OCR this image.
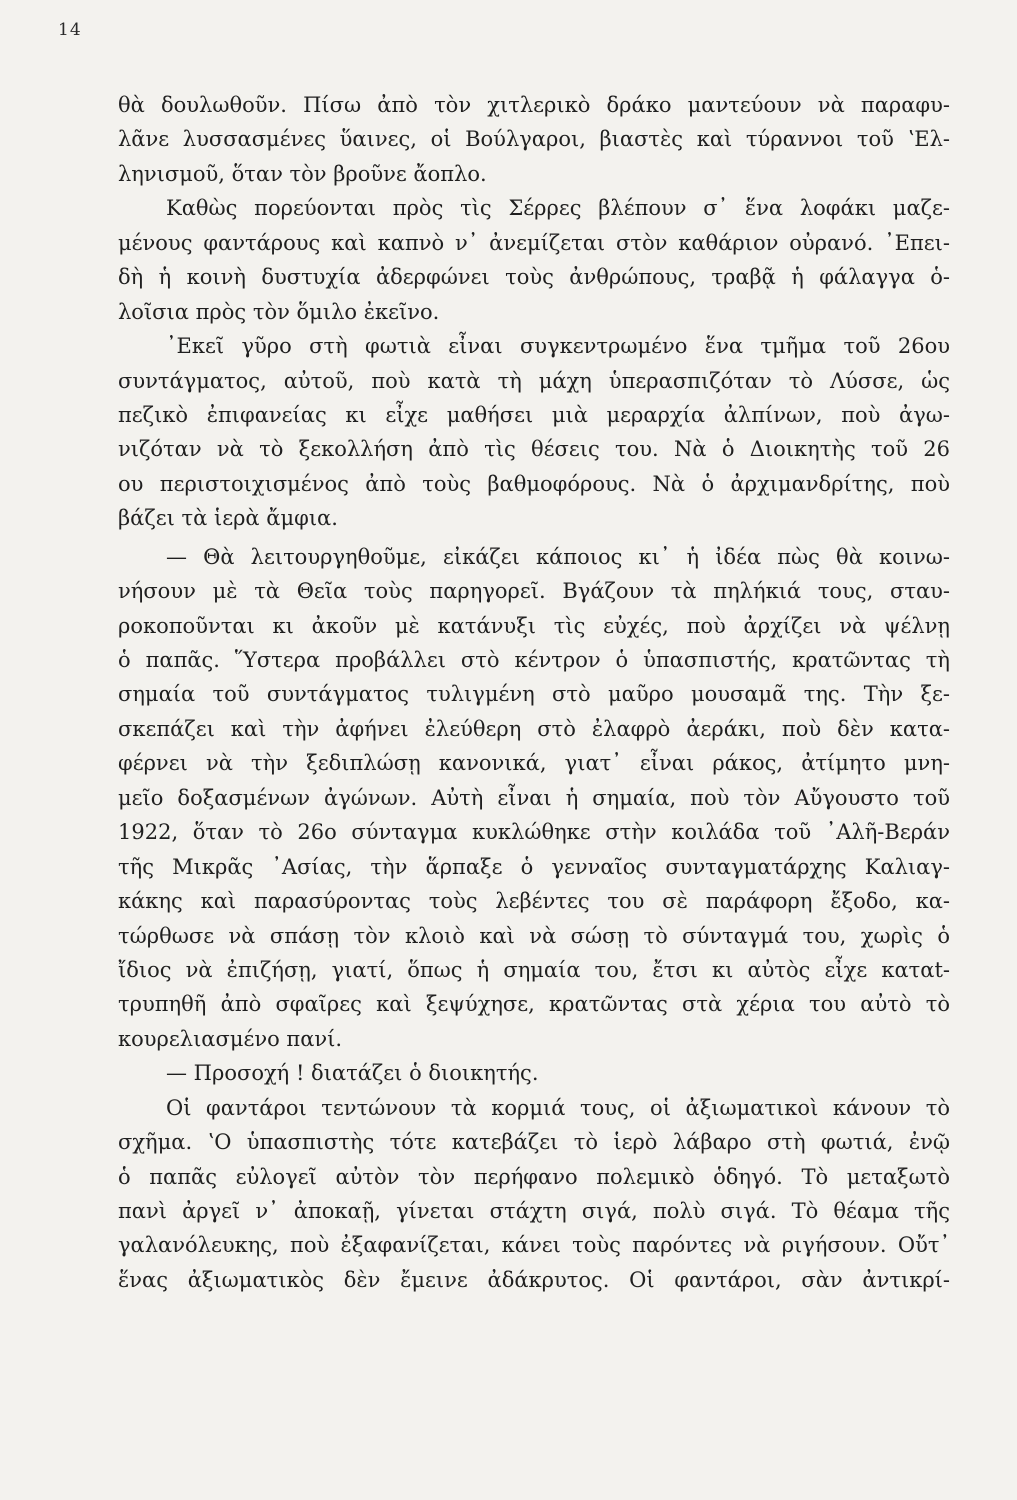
14
θὰ δουλωθοῦν. Πίσω ἀπὸ τὸν χιτλερικὸ δράκο μαντεύουν νὰ παραφυ-
λᾶνε λυσσασμένες ὕαινες, οἱ Βούλγαροι, βιαστὲς καὶ τύραννοι τοῦ ʽΕλ-
ληνισμοῦ, ὅταν τὸν βροῦνε ἄοπλο.
Καθὼς πορεύονται πρὸς τὶς Σέρρες βλέπουν σ᾽ ἕνα λοφάκι μαζε-
μένους φαντάρους καὶ καπνὸ ν᾽ ἀνεμίζεται στὸν καθάριον οὐρανό. ᾽Επει-
δὴ ἡ κοινὴ δυστυχία ἀδερφώνει τοὺς ἀνθρώπους, τραβᾷ ἡ φάλαγγα ὁ-
λοῖσια πρὸς τὸν ὅμιλο ἐκεῖνο.
᾽Εκεῖ γῦρο στὴ φωτιὰ εἶναι συγκεντρωμένο ἕνα τμῆμα τοῦ 26ου
συντάγματος, αὐτοῦ, ποὺ κατὰ τὴ μάχη ὑπερασπιζόταν τὸ Λύσσε, ὡς
πεζικὸ ἐπιφανείας κι εἶχε μαθήσει μιὰ μεραρχία ἀλπίνων, ποὺ ἀγω-
νιζόταν νὰ τὸ ξεκολλήση ἀπὸ τὶς θέσεις του. Νὰ ὁ Διοικητὴς τοῦ 26
ου περιστοιχισμένος ἀπὸ τοὺς βαθμοφόρους. Νὰ ὁ ἀρχιμανδρίτης, ποὺ
βάζει τὰ ἱερὰ ἄμφια.
— Θὰ λειτουργηθοῦμε, εἰκάζει κάποιος κι᾽ ἡ ἰδέα πὼς θὰ κοινω-
νήσουν μὲ τὰ Θεῖα τοὺς παρηγορεῖ. Βγάζουν τὰ πηλήκιά τους, σταυ-
ροκοποῦνται κι ἀκοῦν μὲ κατάνυξι τὶς εὐχές, ποὺ ἀρχίζει νὰ ψέλνῃ
ὁ παπᾶς. Ὕστερα προβάλλει στὸ κέντρον ὁ ὑπασπιστής, κρατῶντας τὴ
σημαία τοῦ συντάγματος τυλιγμένη στὸ μαῦρο μουσαμᾶ της. Τὴν ξε-
σκεπάζει καὶ τὴν ἀφήνει ἐλεύθερη στὸ ἐλαφρὸ ἀεράκι, ποὺ δὲν κατα-
φέρνει νὰ τὴν ξεδιπλώσῃ κανονικά, γιατ᾽ εἶναι ράκος, ἀτίμητο μνη-
μεῖο δοξασμένων ἀγώνων. Αὐτὴ εἶναι ἡ σημαία, ποὺ τὸν Αὔγουστο τοῦ
1922, ὅταν τὸ 26ο σύνταγμα κυκλώθηκε στὴν κοιλάδα τοῦ ᾽Αλῆ-Βεράν
τῆς Μικρᾶς ᾽Ασίας, τὴν ἅρπαξε ὁ γενναῖος συνταγματάρχης Καλιαγ-
κάκης καὶ παρασύροντας τοὺς λεβέντες του σὲ παράφορη ἔξοδο, κα-
τώρθωσε νὰ σπάσῃ τὸν κλοιὸ καὶ νὰ σώσῃ τὸ σύνταγμά του, χωρὶς ὁ
ἴδιος νὰ ἐπιζήσῃ, γιατί, ὅπως ἡ σημαία του, ἔτσι κι αὐτὸς εἶχε καταt-
τρυπηθῆ ἀπὸ σφαῖρες καὶ ξεψύχησε, κρατῶντας στὰ χέρια του αὐτὸ τὸ
κουρελιασμένο πανί.
— Προσοχή ! διατάζει ὁ διοικητής.
Οἱ φαντάροι τεντώνουν τὰ κορμιά τους, οἱ ἀξιωματικοὶ κάνουν τὸ
σχῆμα. ʽΟ ὑπασπιστὴς τότε κατεβάζει τὸ ἱερὸ λάβαρο στὴ φωτιά, ἐνῷ
ὁ παπᾶς εὐλογεῖ αὐτὸν τὸν περήφανο πολεμικὸ ὁδηγό. Τὸ μεταξωτὸ
πανὶ ἀργεῖ ν᾽ ἀποκαῇ, γίνεται στάχτη σιγά, πολὺ σιγά. Τὸ θέαμα τῆς
γαλανόλευκης, ποὺ ἐξαφανίζεται, κάνει τοὺς παρόντες νὰ ριγήσουν. Οὔτ᾽
ἕνας ἀξιωματικὸς δὲν ἔμεινε ἀδάκρυτος. Οἱ φαντάροι, σὰν ἀντικρί-
